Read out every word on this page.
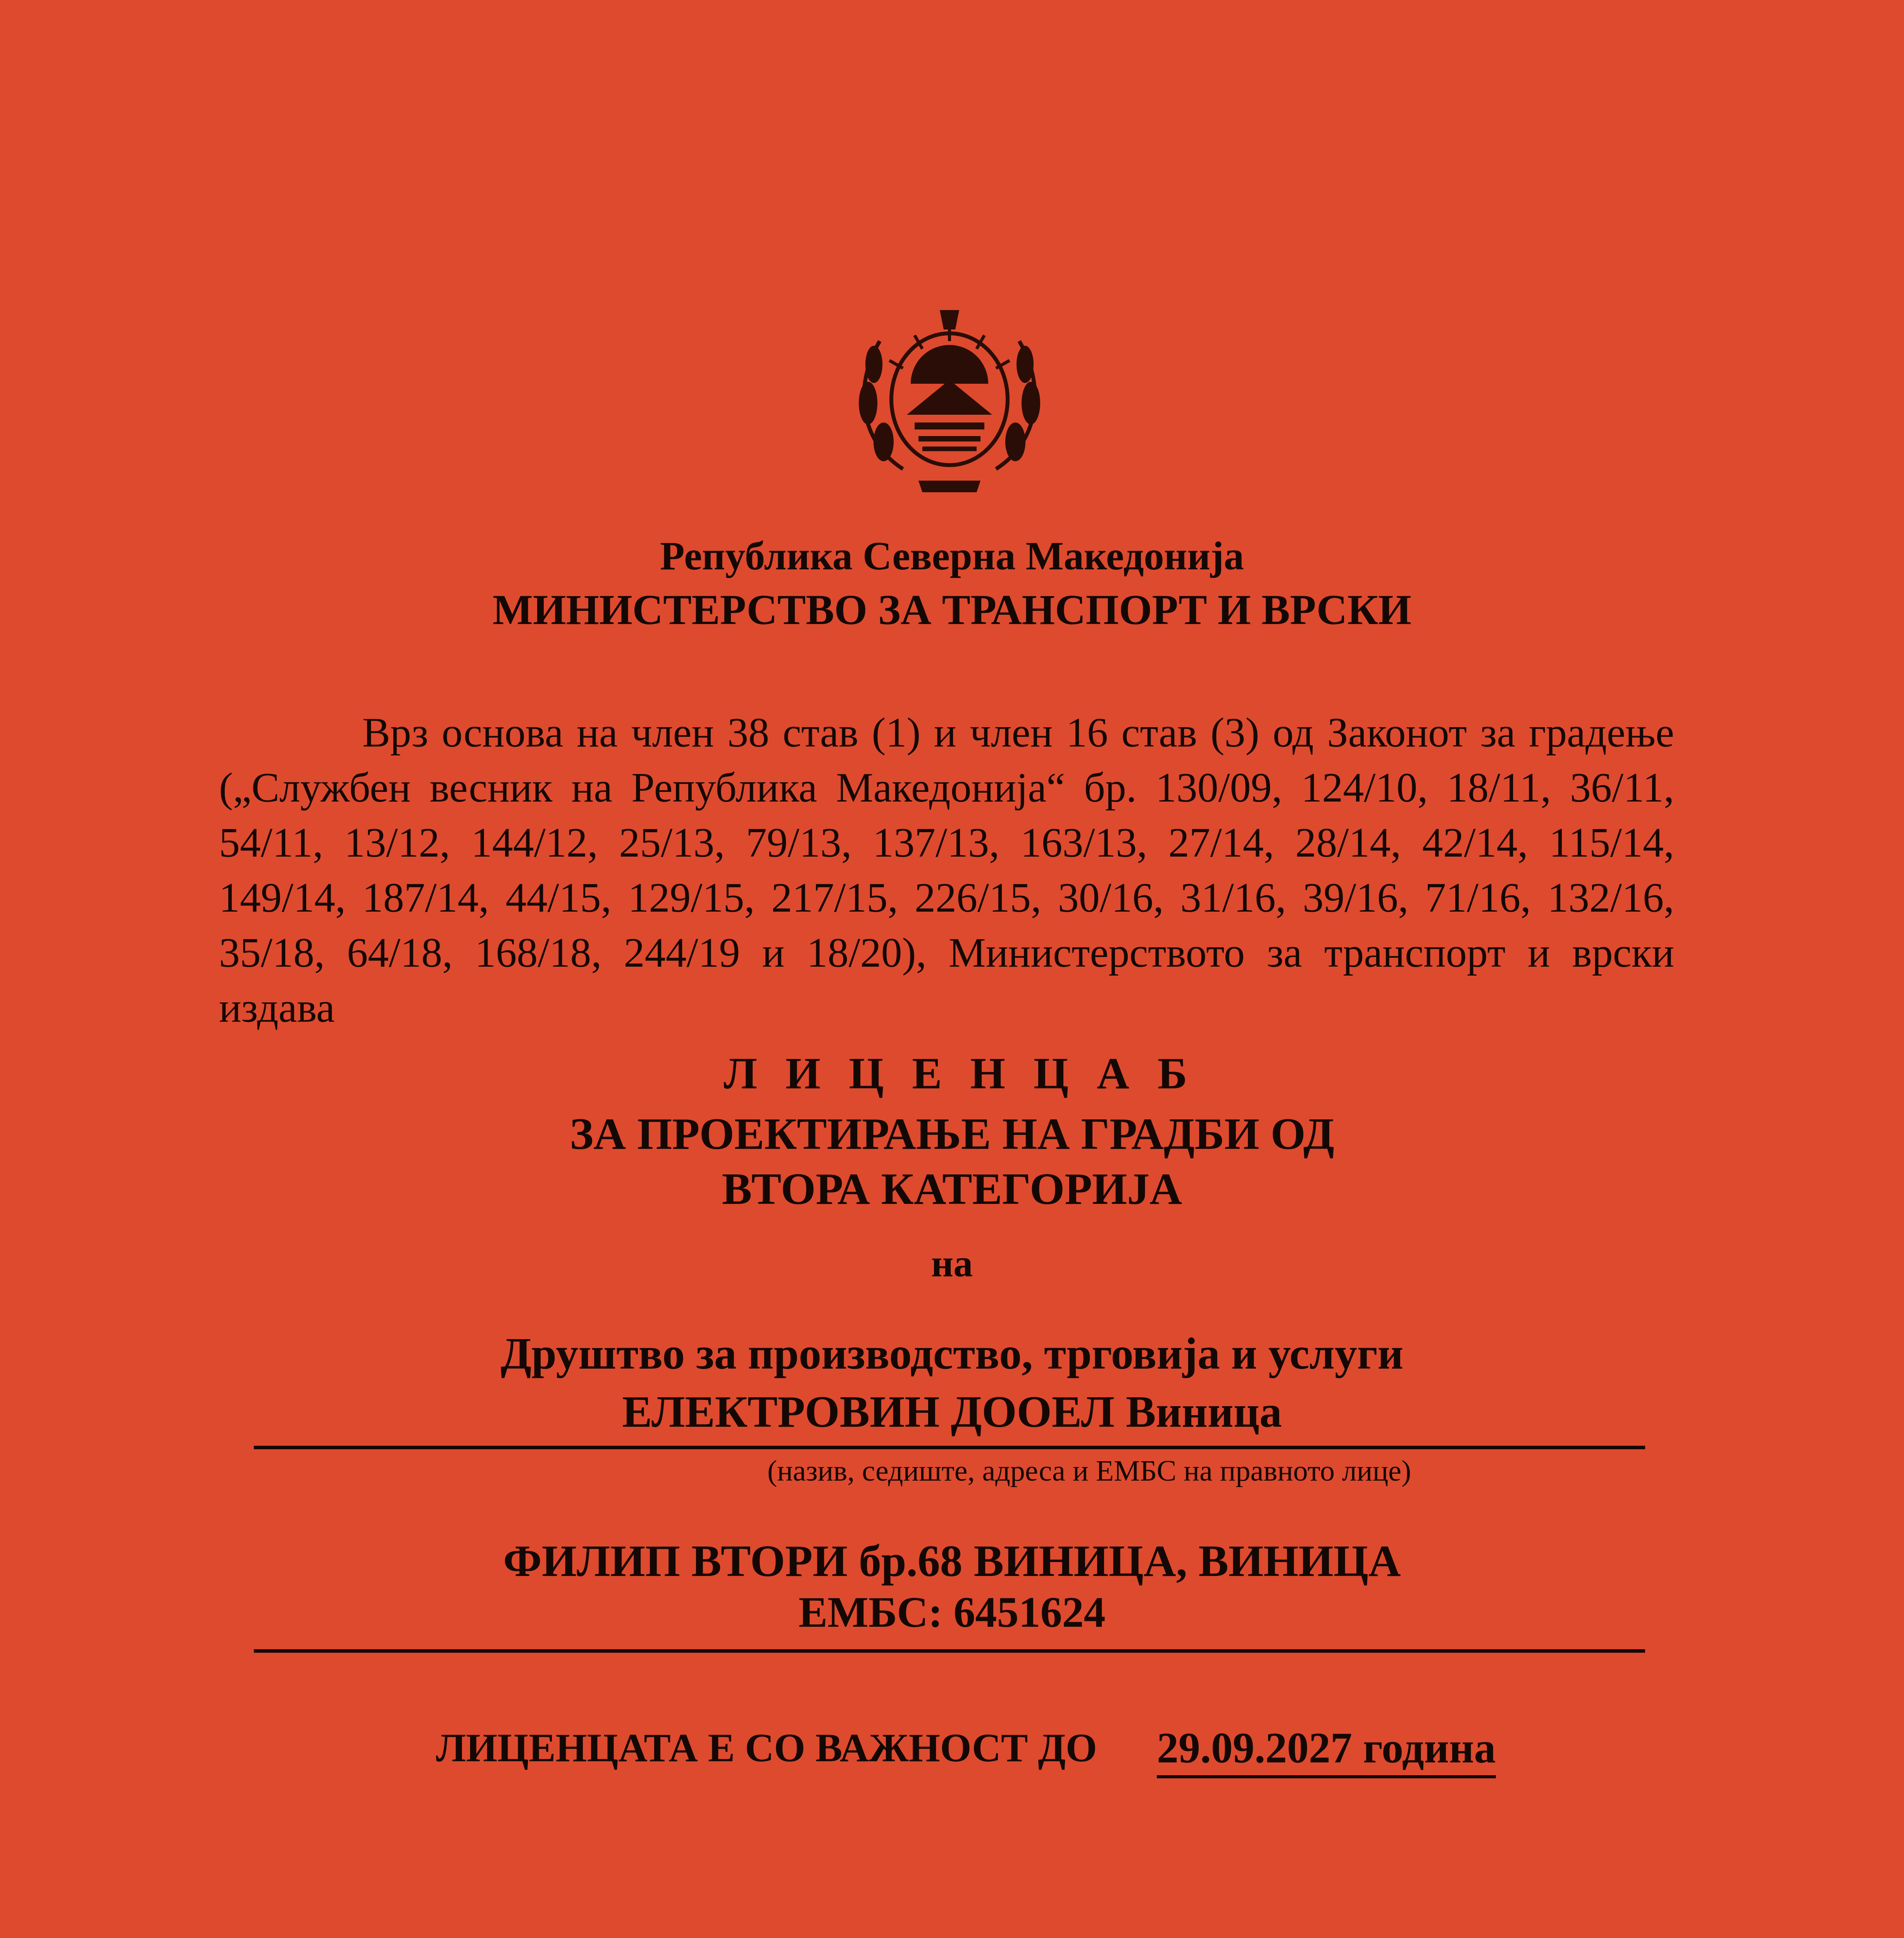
Република Северна Македонија
МИНИСТЕРСТВО ЗА ТРАНСПОРТ И ВРСКИ
Врз основа на член 38 став (1) и член 16 став (3) од Законот за градење („Службен весник на Република Македонија“ бр. 130/09, 124/10, 18/11, 36/11, 54/11, 13/12, 144/12, 25/13, 79/13, 137/13, 163/13, 27/14, 28/14, 42/14, 115/14, 149/14, 187/14, 44/15, 129/15, 217/15, 226/15, 30/16, 31/16, 39/16, 71/16, 132/16, 35/18, 64/18, 168/18, 244/19 и 18/20), Министерството за транспорт и врски издава
Л И Ц Е Н Ц А Б
ЗА ПРОЕКТИРАЊЕ НА ГРАДБИ ОД
ВТОРА КАТЕГОРИЈА
на
Друштво за производство, трговија и услуги
ЕЛЕКТРОВИН ДООЕЛ Виница
(назив, седиште, адреса и ЕМБС на правното лице)
ФИЛИП ВТОРИ бр.68 ВИНИЦА, ВИНИЦА
ЕМБС: 6451624
ЛИЦЕНЦАТА Е СО ВАЖНОСТ ДО 29.09.2027 година
